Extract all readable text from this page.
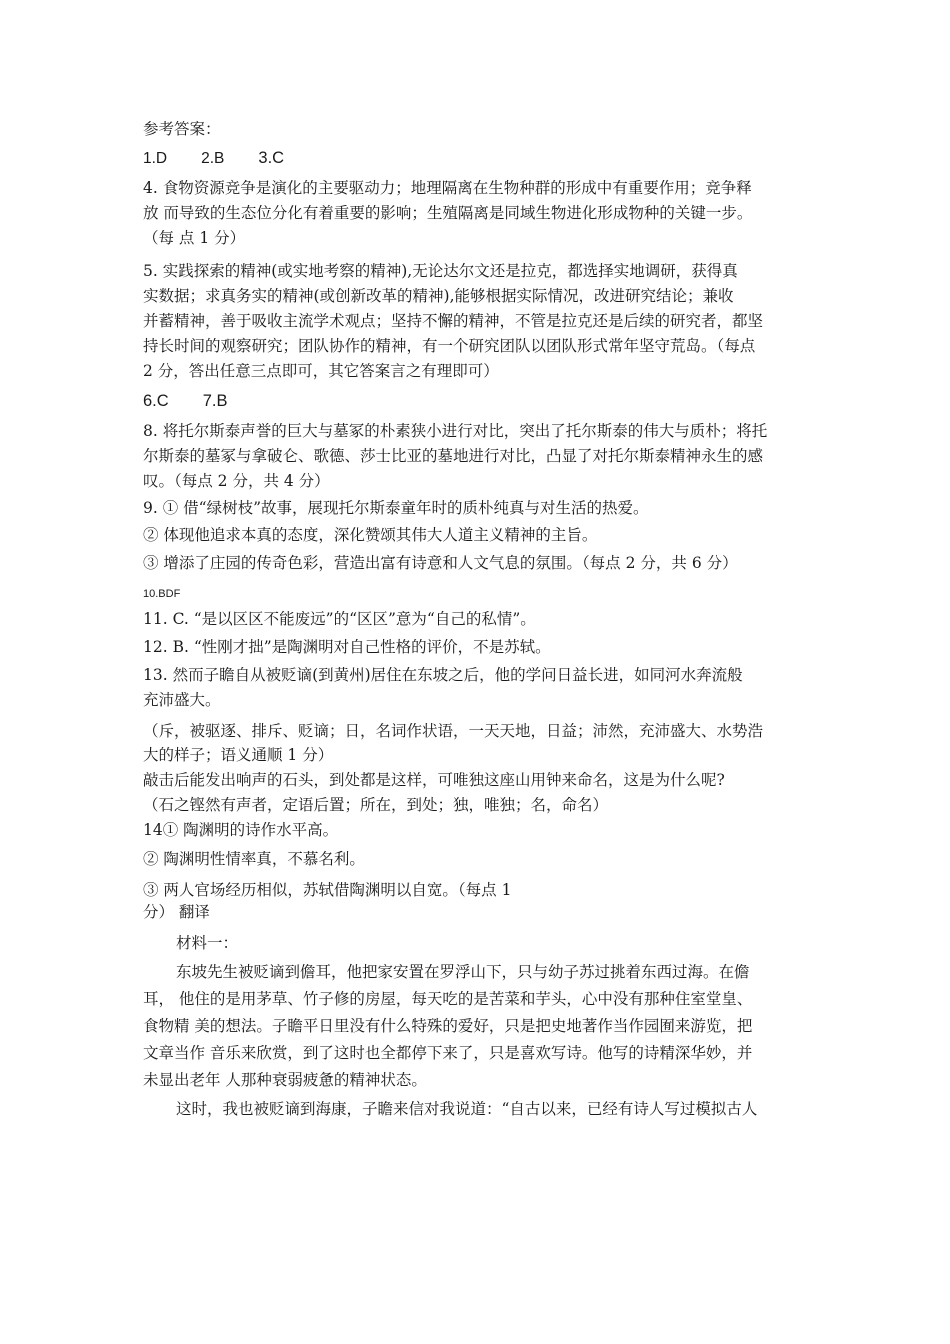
参考答案：

1.D 2.B 3.C

4. 食物资源竞争是演化的主要驱动力；地理隔离在生物种群的形成中有重要作用；竞争释

放 而导致的生态位分化有着重要的影响；生殖隔离是同域生物进化形成物种的关键一步。

（每 点 1 分）

5. 实践探索的精神(或实地考察的精神),无论达尔文还是拉克，都选择实地调研，获得真

实数据；求真务实的精神(或创新改革的精神),能够根据实际情况，改进研究结论；兼收

并蓄精神，善于吸收主流学术观点；坚持不懈的精神，不管是拉克还是后续的研究者，都坚

持长时间的观察研究；团队协作的精神，有一个研究团队以团队形式常年坚守荒岛。（每点

2 分，答出任意三点即可，其它答案言之有理即可）

6.C 7.B

8. 将托尔斯泰声誉的巨大与墓冢的朴素狭小进行对比，突出了托尔斯泰的伟大与质朴；将托

尔斯泰的墓冢与拿破仑、歌德、莎士比亚的墓地进行对比，凸显了对托尔斯泰精神永生的感

叹。（每点 2 分，共 4 分）

9. ① 借“绿树枝”故事，展现托尔斯泰童年时的质朴纯真与对生活的热爱。

② 体现他追求本真的态度，深化赞颂其伟大人道主义精神的主旨。

③ 增添了庄园的传奇色彩，营造出富有诗意和人文气息的氛围。（每点 2 分，共 6 分）

10.BDF

11. C. “是以区区不能废远”的“区区”意为“自己的私情”。

12. B. “性刚才拙”是陶渊明对自己性格的评价，不是苏轼。

13. 然而子瞻自从被贬谪(到黄州)居住在东坡之后，他的学问日益长进，如同河水奔流般

充沛盛大。

（斥，被驱逐、排斥、贬谪；日，名词作状语，一天天地，日益；沛然，充沛盛大、水势浩

大的样子；语义通顺 1 分）

敲击后能发出响声的石头，到处都是这样，可唯独这座山用钟来命名，这是为什么呢?

（石之铿然有声者，定语后置；所在，到处；独，唯独；名，命名）

14① 陶渊明的诗作水平高。

② 陶渊明性情率真，不慕名利。

③ 两人官场经历相似，苏轼借陶渊明以自宽。（每点 1

分） 翻译

材料一：

东坡先生被贬谪到儋耳，他把家安置在罗浮山下，只与幼子苏过挑着东西过海。在儋

耳， 他住的是用茅草、竹子修的房屋，每天吃的是苦菜和芋头，心中没有那种住室堂皇、

食物精 美的想法。子瞻平日里没有什么特殊的爱好，只是把史地著作当作园囿来游览，把

文章当作 音乐来欣赏，到了这时也全都停下来了，只是喜欢写诗。他写的诗精深华妙，并

未显出老年 人那种衰弱疲惫的精神状态。

这时，我也被贬谪到海康，子瞻来信对我说道：“自古以来，已经有诗人写过模拟古人
